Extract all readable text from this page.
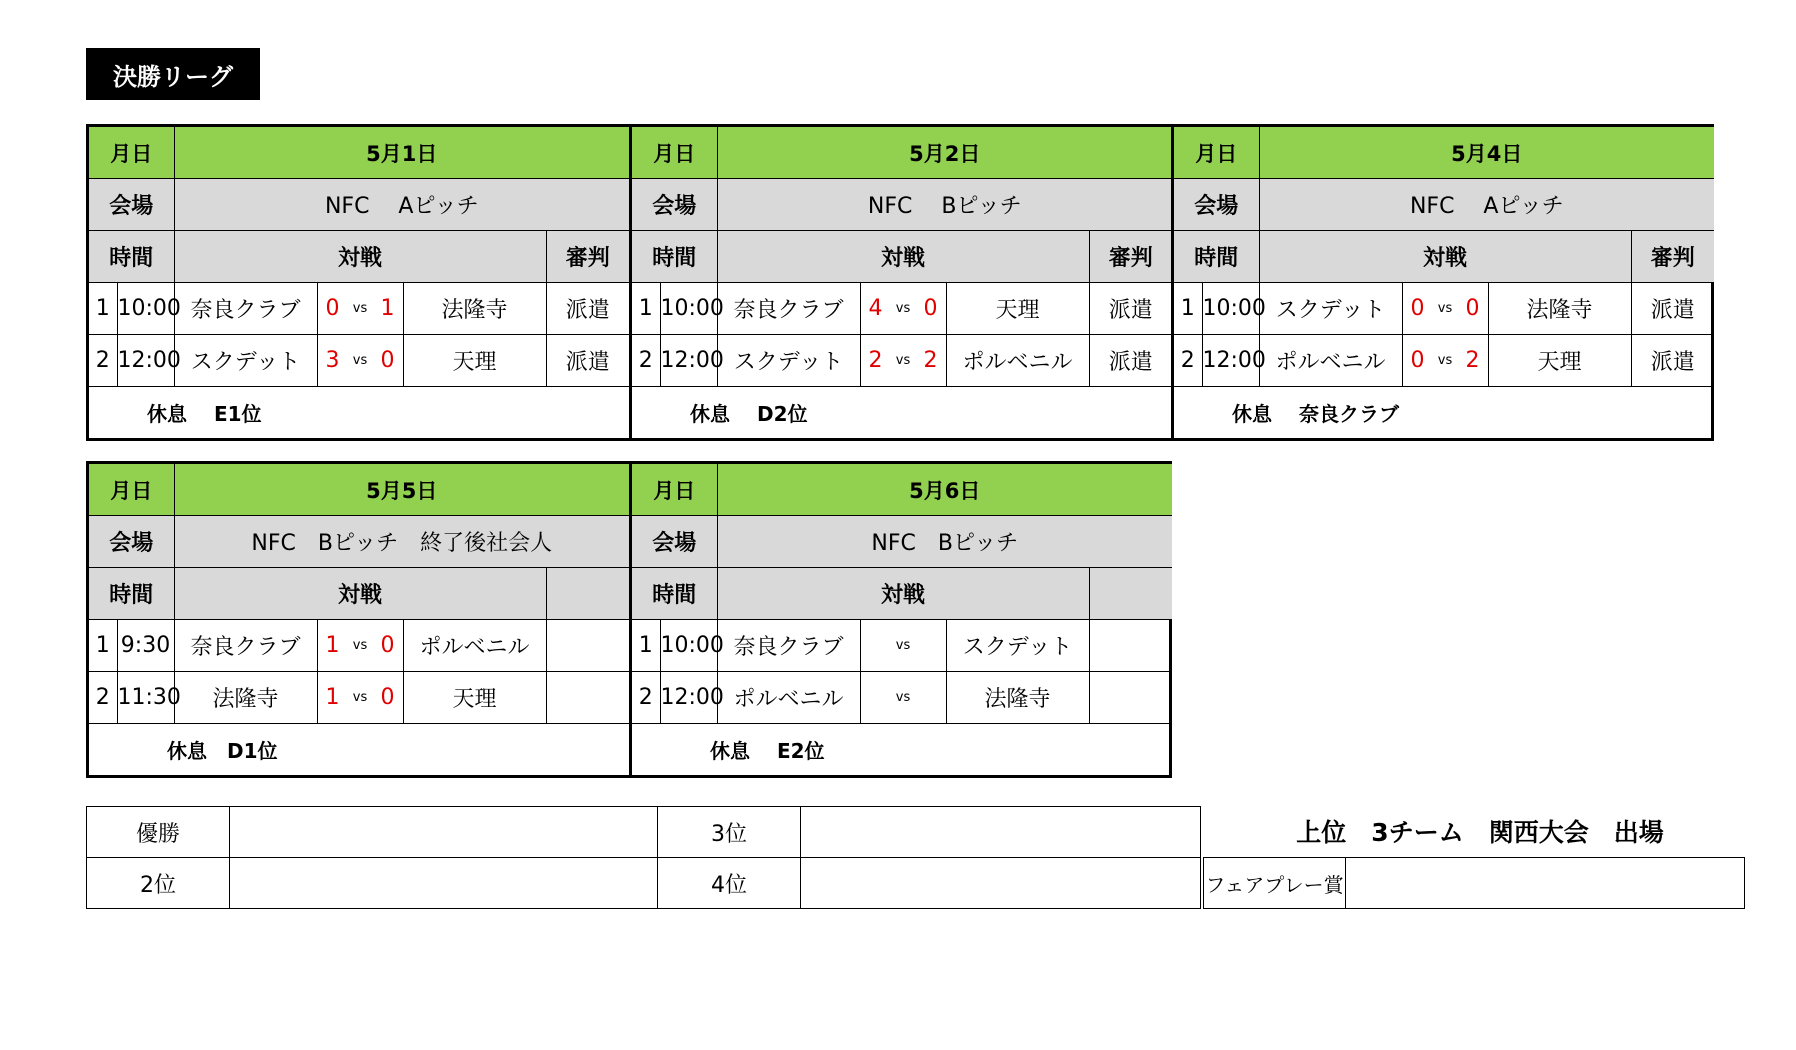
決勝リーグ
月日		5月1日			
会場		NFC　 Aピッチ			
時間		対戦			審判
1	10:00	奈良クラブ	0 vs 1	法隆寺	派遣
2	12:00	スクデット	3 vs 0	天理	派遣
休息　 E1位					
月日		5月2日			
会場		NFC　 Bピッチ			
時間		対戦			審判
1	10:00	奈良クラブ	4 vs 0	天理	派遣
2	12:00	スクデット	2 vs 2	ポルベニル	派遣
休息　 D2位					
月日		5月4日			
会場		NFC　 Aピッチ			
時間		対戦			審判
1	10:00	スクデット	0 vs 0	法隆寺	派遣
2	12:00	ポルベニル	0 vs 2	天理	派遣
休息　 奈良クラブ					
月日		5月5日			
会場		NFC　Bピッチ　終了後社会人			
時間		対戦			
1	9:30	奈良クラブ	1 vs 0	ポルベニル	
2	11:30	法隆寺	1 vs 0	天理	
休息　D1位					
月日		5月6日			
会場		NFC　Bピッチ			
時間		対戦			
1	10:00	奈良クラブ	vs	スクデット	
2	12:00	ポルベニル	vs	法隆寺	
休息　 E2位					
優勝		3位	
2位		4位	
上位　3チーム　関西大会　出場
フェアプレー賞	
